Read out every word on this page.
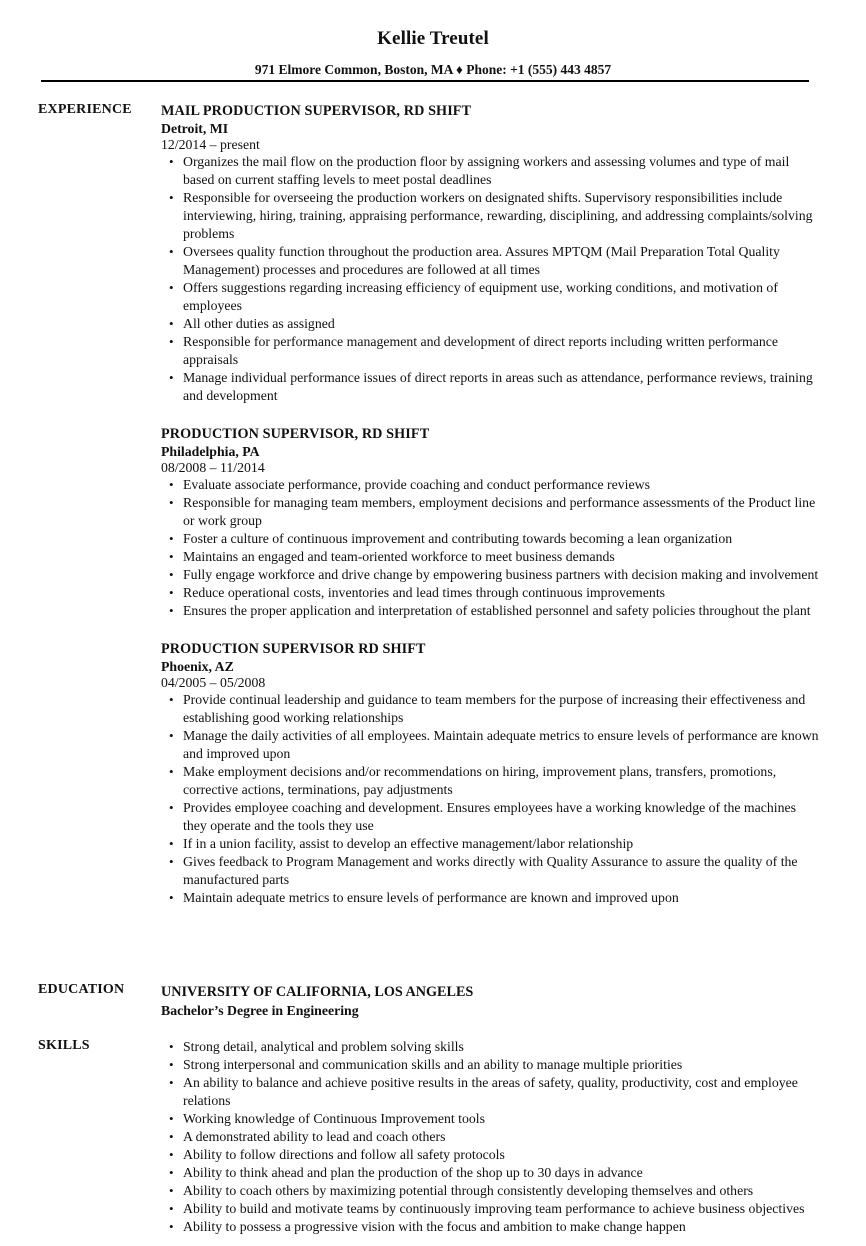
Kellie Treutel
971 Elmore Common, Boston, MA ♦ Phone: +1 (555) 443 4857
EXPERIENCE MAIL PRODUCTION SUPERVISOR, RD SHIFT
Detroit, MI
12/2014 – present
• Organizes the mail flow on the production floor by assigning workers and assessing volumes and type of mail based on current staffing levels to meet postal deadlines
• Responsible for overseeing the production workers on designated shifts. Supervisory responsibilities include interviewing, hiring, training, appraising performance, rewarding, disciplining, and addressing complaints/solving problems
• Oversees quality function throughout the production area. Assures MPTQM (Mail Preparation Total Quality Management) processes and procedures are followed at all times
• Offers suggestions regarding increasing efficiency of equipment use, working conditions, and motivation of employees
• All other duties as assigned
• Responsible for performance management and development of direct reports including written performance appraisals
• Manage individual performance issues of direct reports in areas such as attendance, performance reviews, training and development
PRODUCTION SUPERVISOR, RD SHIFT
Philadelphia, PA
08/2008 – 11/2014
• Evaluate associate performance, provide coaching and conduct performance reviews
• Responsible for managing team members, employment decisions and performance assessments of the Product line or work group
• Foster a culture of continuous improvement and contributing towards becoming a lean organization
• Maintains an engaged and team-oriented workforce to meet business demands
• Fully engage workforce and drive change by empowering business partners with decision making and involvement
• Reduce operational costs, inventories and lead times through continuous improvements
• Ensures the proper application and interpretation of established personnel and safety policies throughout the plant
PRODUCTION SUPERVISOR RD SHIFT
Phoenix, AZ
04/2005 – 05/2008
• Provide continual leadership and guidance to team members for the purpose of increasing their effectiveness and establishing good working relationships
• Manage the daily activities of all employees. Maintain adequate metrics to ensure levels of performance are known and improved upon
• Make employment decisions and/or recommendations on hiring, improvement plans, transfers, promotions, corrective actions, terminations, pay adjustments
• Provides employee coaching and development. Ensures employees have a working knowledge of the machines they operate and the tools they use
• If in a union facility, assist to develop an effective management/labor relationship
• Gives feedback to Program Management and works directly with Quality Assurance to assure the quality of the manufactured parts
• Maintain adequate metrics to ensure levels of performance are known and improved upon
EDUCATION	UNIVERSITY OF CALIFORNIA, LOS ANGELES
Bachelor’s Degree in Engineering
SKILLS	• Strong detail, analytical and problem solving skills
• Strong interpersonal and communication skills and an ability to manage multiple priorities
• An ability to balance and achieve positive results in the areas of safety, quality, productivity, cost and employee relations
• Working knowledge of Continuous Improvement tools
• A demonstrated ability to lead and coach others
• Ability to follow directions and follow all safety protocols
• Ability to think ahead and plan the production of the shop up to 30 days in advance
• Ability to coach others by maximizing potential through consistently developing themselves and others
• Ability to build and motivate teams by continuously improving team performance to achieve business objectives
• Ability to possess a progressive vision with the focus and ambition to make change happen
